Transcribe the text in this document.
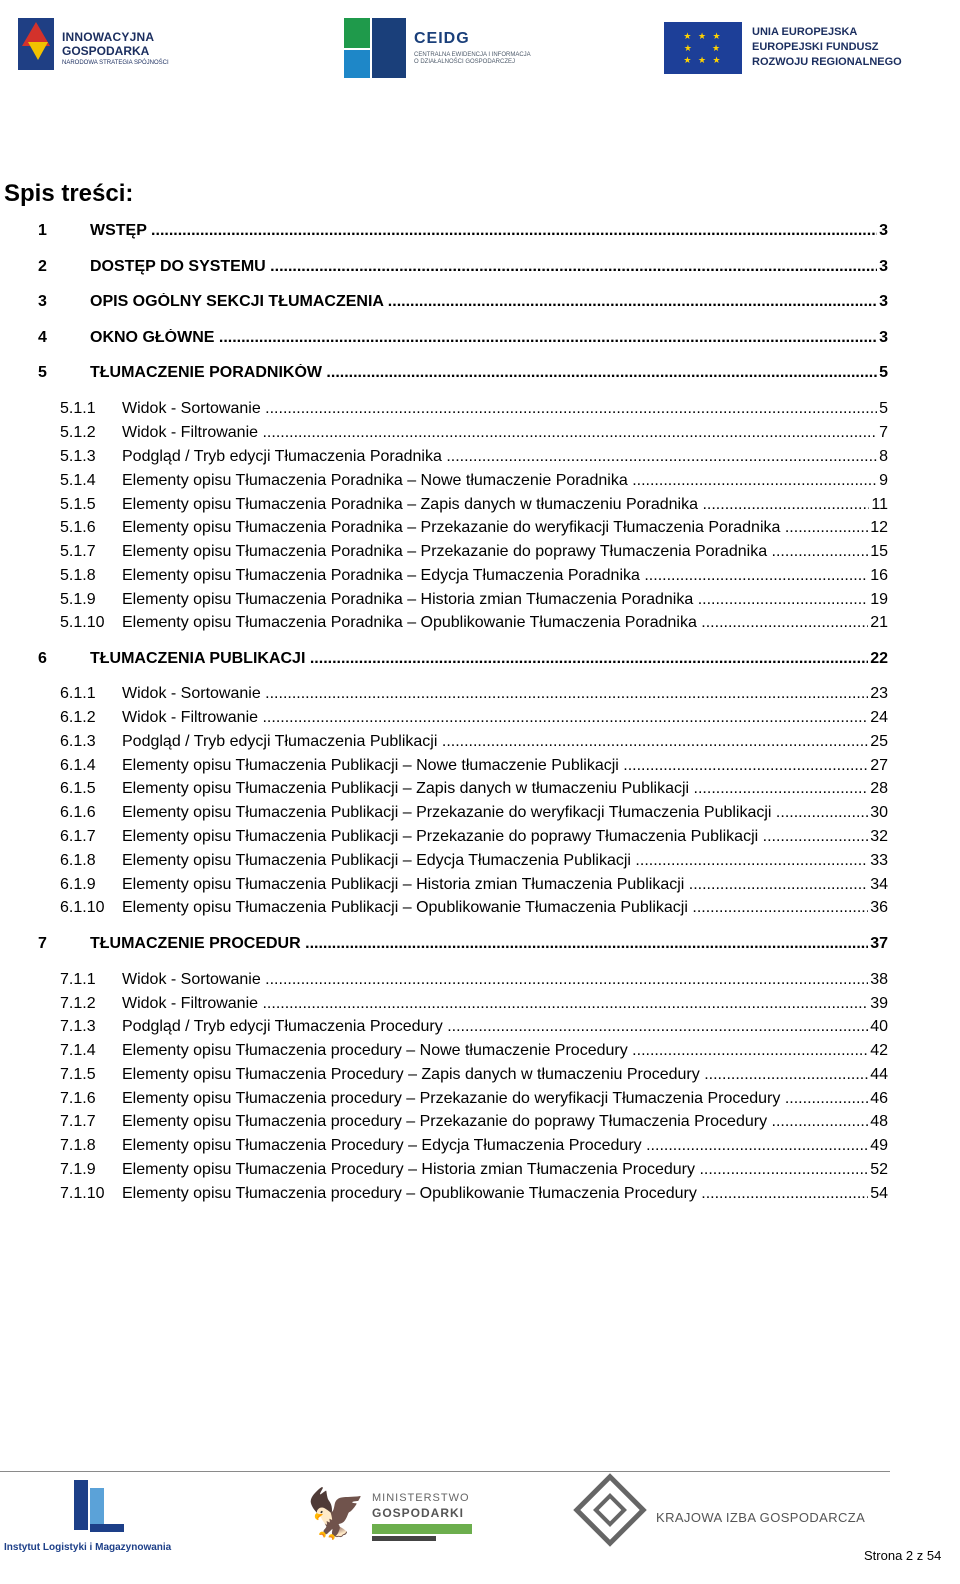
INNOWACYJNA
GOSPODARKA
NARODOWA STRATEGIA SPÓJNOŚCI
CEIDG
CENTRALNA EWIDENCJA I INFORMACJA O DZIAŁALNOŚCI GOSPODARCZEJ
★ ★ ★
★    ★
★ ★ ★
UNIA EUROPEJSKA
EUROPEJSKI FUNDUSZ
ROZWOJU REGIONALNEGO
Spis treści:
1	WSTĘP .....	3
2	DOSTĘP DO SYSTEMU .....	3
3	OPIS OGÓLNY SEKCJI TŁUMACZENIA .....	3
4	OKNO GŁÓWNE .....	3
5	TŁUMACZENIE PORADNIKÓW .....	5
5.1.1 Widok - Sortowanie .....	5
5.1.2 Widok - Filtrowanie .....	7
5.1.3 Podgląd / Tryb edycji Tłumaczenia Poradnika .....	8
5.1.4 Elementy opisu Tłumaczenia Poradnika – Nowe tłumaczenie Poradnika .....	9
5.1.5 Elementy opisu Tłumaczenia Poradnika – Zapis danych w tłumaczeniu Poradnika .....	11
5.1.6 Elementy opisu Tłumaczenia Poradnika – Przekazanie do weryfikacji Tłumaczenia Poradnika .....	12
5.1.7 Elementy opisu Tłumaczenia Poradnika – Przekazanie do poprawy Tłumaczenia Poradnika .....	15
5.1.8 Elementy opisu Tłumaczenia Poradnika – Edycja Tłumaczenia Poradnika .....	16
5.1.9 Elementy opisu Tłumaczenia Poradnika – Historia zmian Tłumaczenia Poradnika .....	19
5.1.10 Elementy opisu Tłumaczenia Poradnika – Opublikowanie Tłumaczenia Poradnika .....	21
6	TŁUMACZENIA PUBLIKACJI .....	22
6.1.1 Widok - Sortowanie .....	23
6.1.2 Widok - Filtrowanie .....	24
6.1.3 Podgląd / Tryb edycji Tłumaczenia Publikacji .....	25
6.1.4 Elementy opisu Tłumaczenia Publikacji – Nowe tłumaczenie Publikacji .....	27
6.1.5 Elementy opisu Tłumaczenia Publikacji – Zapis danych w tłumaczeniu Publikacji .....	28
6.1.6 Elementy opisu Tłumaczenia Publikacji – Przekazanie do weryfikacji Tłumaczenia Publikacji .....	30
6.1.7 Elementy opisu Tłumaczenia Publikacji – Przekazanie do poprawy Tłumaczenia Publikacji .....	32
6.1.8 Elementy opisu Tłumaczenia Publikacji – Edycja Tłumaczenia Publikacji .....	33
6.1.9 Elementy opisu Tłumaczenia Publikacji – Historia zmian Tłumaczenia Publikacji .....	34
6.1.10 Elementy opisu Tłumaczenia Publikacji – Opublikowanie Tłumaczenia Publikacji .....	36
7	TŁUMACZENIE PROCEDUR .....	37
7.1.1 Widok - Sortowanie .....	38
7.1.2 Widok - Filtrowanie .....	39
7.1.3 Podgląd / Tryb edycji Tłumaczenia Procedury .....	40
7.1.4 Elementy opisu Tłumaczenia procedury – Nowe tłumaczenie Procedury .....	42
7.1.5 Elementy opisu Tłumaczenia Procedury – Zapis danych w tłumaczeniu Procedury .....	44
7.1.6 Elementy opisu Tłumaczenia procedury – Przekazanie do weryfikacji Tłumaczenia Procedury .....	46
7.1.7 Elementy opisu Tłumaczenia procedury – Przekazanie do poprawy Tłumaczenia Procedury .....	48
7.1.8 Elementy opisu Tłumaczenia Procedury – Edycja Tłumaczenia Procedury .....	49
7.1.9 Elementy opisu Tłumaczenia Procedury – Historia zmian Tłumaczenia Procedury .....	52
7.1.10 Elementy opisu Tłumaczenia procedury – Opublikowanie Tłumaczenia Procedury .....	54
Instytut Logistyki i Magazynowania
🦅 MINISTERSTWO
GOSPODARKI	KRAJOWA IZBA GOSPODARCZA
Strona 2 z 54
